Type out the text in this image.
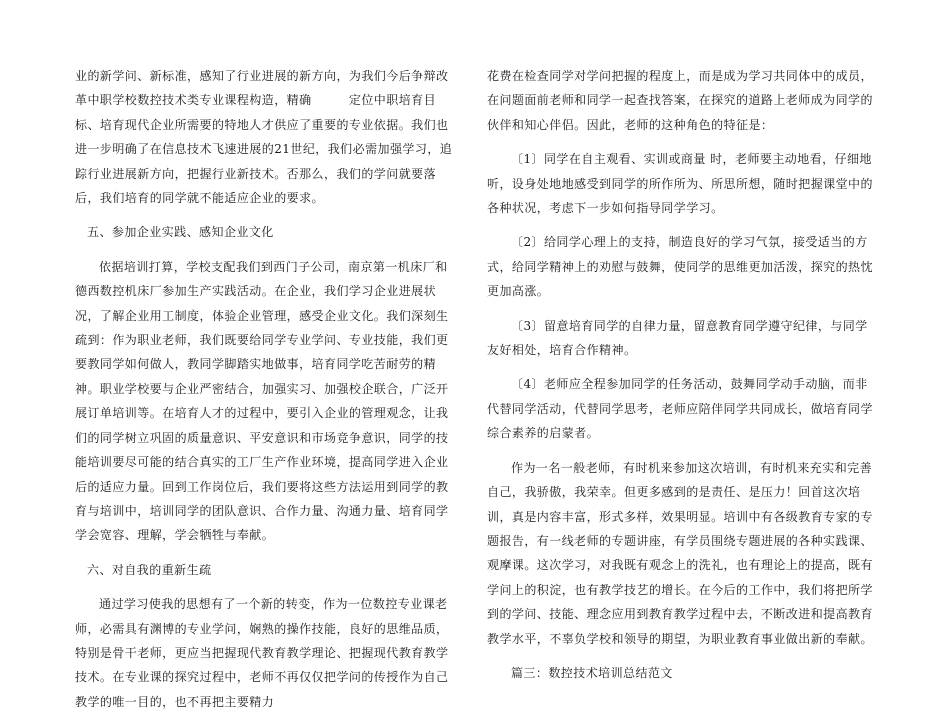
业的新学问、新标准，感知了行业进展的新方向，为我们今后争辩改革中职学校数控技术类专业课程构造，精确　　　定位中职培育目标、培育现代企业所需要的特地人才供应了重要的专业依据。我们也进一步明确了在信息技术飞速进展的21世纪，我们必需加强学习，追踪行业进展新方向，把握行业新技术。否那么，我们的学问就要落后，我们培育的同学就不能适应企业的要求。

五、参加企业实践、感知企业文化

依据培训打算，学校支配我们到西门子公司，南京第一机床厂和德西数控机床厂参加生产实践活动。在企业，我们学习企业进展状况，了解企业用工制度，体验企业管理，感受企业文化。我们深刻生疏到：作为职业老师，我们既要给同学专业学问、专业技能，我们更要教同学如何做人，教同学脚踏实地做事，培育同学吃苦耐劳的精神。职业学校要与企业严密结合，加强实习、加强校企联合，广泛开展订单培训等。在培育人才的过程中，要引入企业的管理观念，让我们的同学树立巩固的质量意识、平安意识和市场竞争意识，同学的技能培训要尽可能的结合真实的工厂生产作业环境，提高同学进入企业后的适应力量。回到工作岗位后，我们要将这些方法运用到同学的教育与培训中，培训同学的团队意识、合作力量、沟通力量、培育同学学会宽容、理解，学会牺牲与奉献。

六、对自我的重新生疏

通过学习使我的思想有了一个新的转变，作为一位数控专业课老师，必需具有渊博的专业学问，娴熟的操作技能，良好的思维品质，特别是骨干老师，更应当把握现代教育教学理论、把握现代教育教学技术。在专业课的探究过程中，老师不再仅仅把学问的传授作为自己教学的唯一目的，也不再把主要精力

花费在检查同学对学问把握的程度上，而是成为学习共同体中的成员，在问题面前老师和同学一起查找答案，在探究的道路上老师成为同学的伙伴和知心伴侣。因此，老师的这种角色的特征是：

〔1〕同学在自主观看、实训或商量 时，老师要主动地看，仔细地听，设身处地地感受到同学的所作所为、所思所想，随时把握课堂中的各种状况，考虑下一步如何指导同学学习。

〔2〕给同学心理上的支持，制造良好的学习气氛，接受适当的方式，给同学精神上的劝慰与鼓舞，使同学的思维更加活泼，探究的热忱更加高涨。

〔3〕留意培育同学的自律力量，留意教育同学遵守纪律，与同学友好相处，培育合作精神。

〔4〕老师应全程参加同学的任务活动，鼓舞同学动手动脑，而非代替同学活动，代替同学思考，老师应陪伴同学共同成长，做培育同学综合素养的启蒙者。

作为一名一般老师，有时机来参加这次培训，有时机来充实和完善自己，我骄傲，我荣幸。但更多感到的是责任、是压力！回首这次培训，真是内容丰富，形式多样，效果明显。培训中有各级教育专家的专题报告，有一线老师的专题讲座，有学员围绕专题进展的各种实践课、观摩课。这次学习，对我既有观念上的洗礼，也有理论上的提高，既有学问上的积淀，也有教学技艺的增长。在今后的工作中，我们将把所学到的学问、技能、理念应用到教育教学过程中去，不断改进和提高教育教学水平，不辜负学校和领导的期望，为职业教育事业做出新的奉献。

篇三：数控技术培训总结范文
